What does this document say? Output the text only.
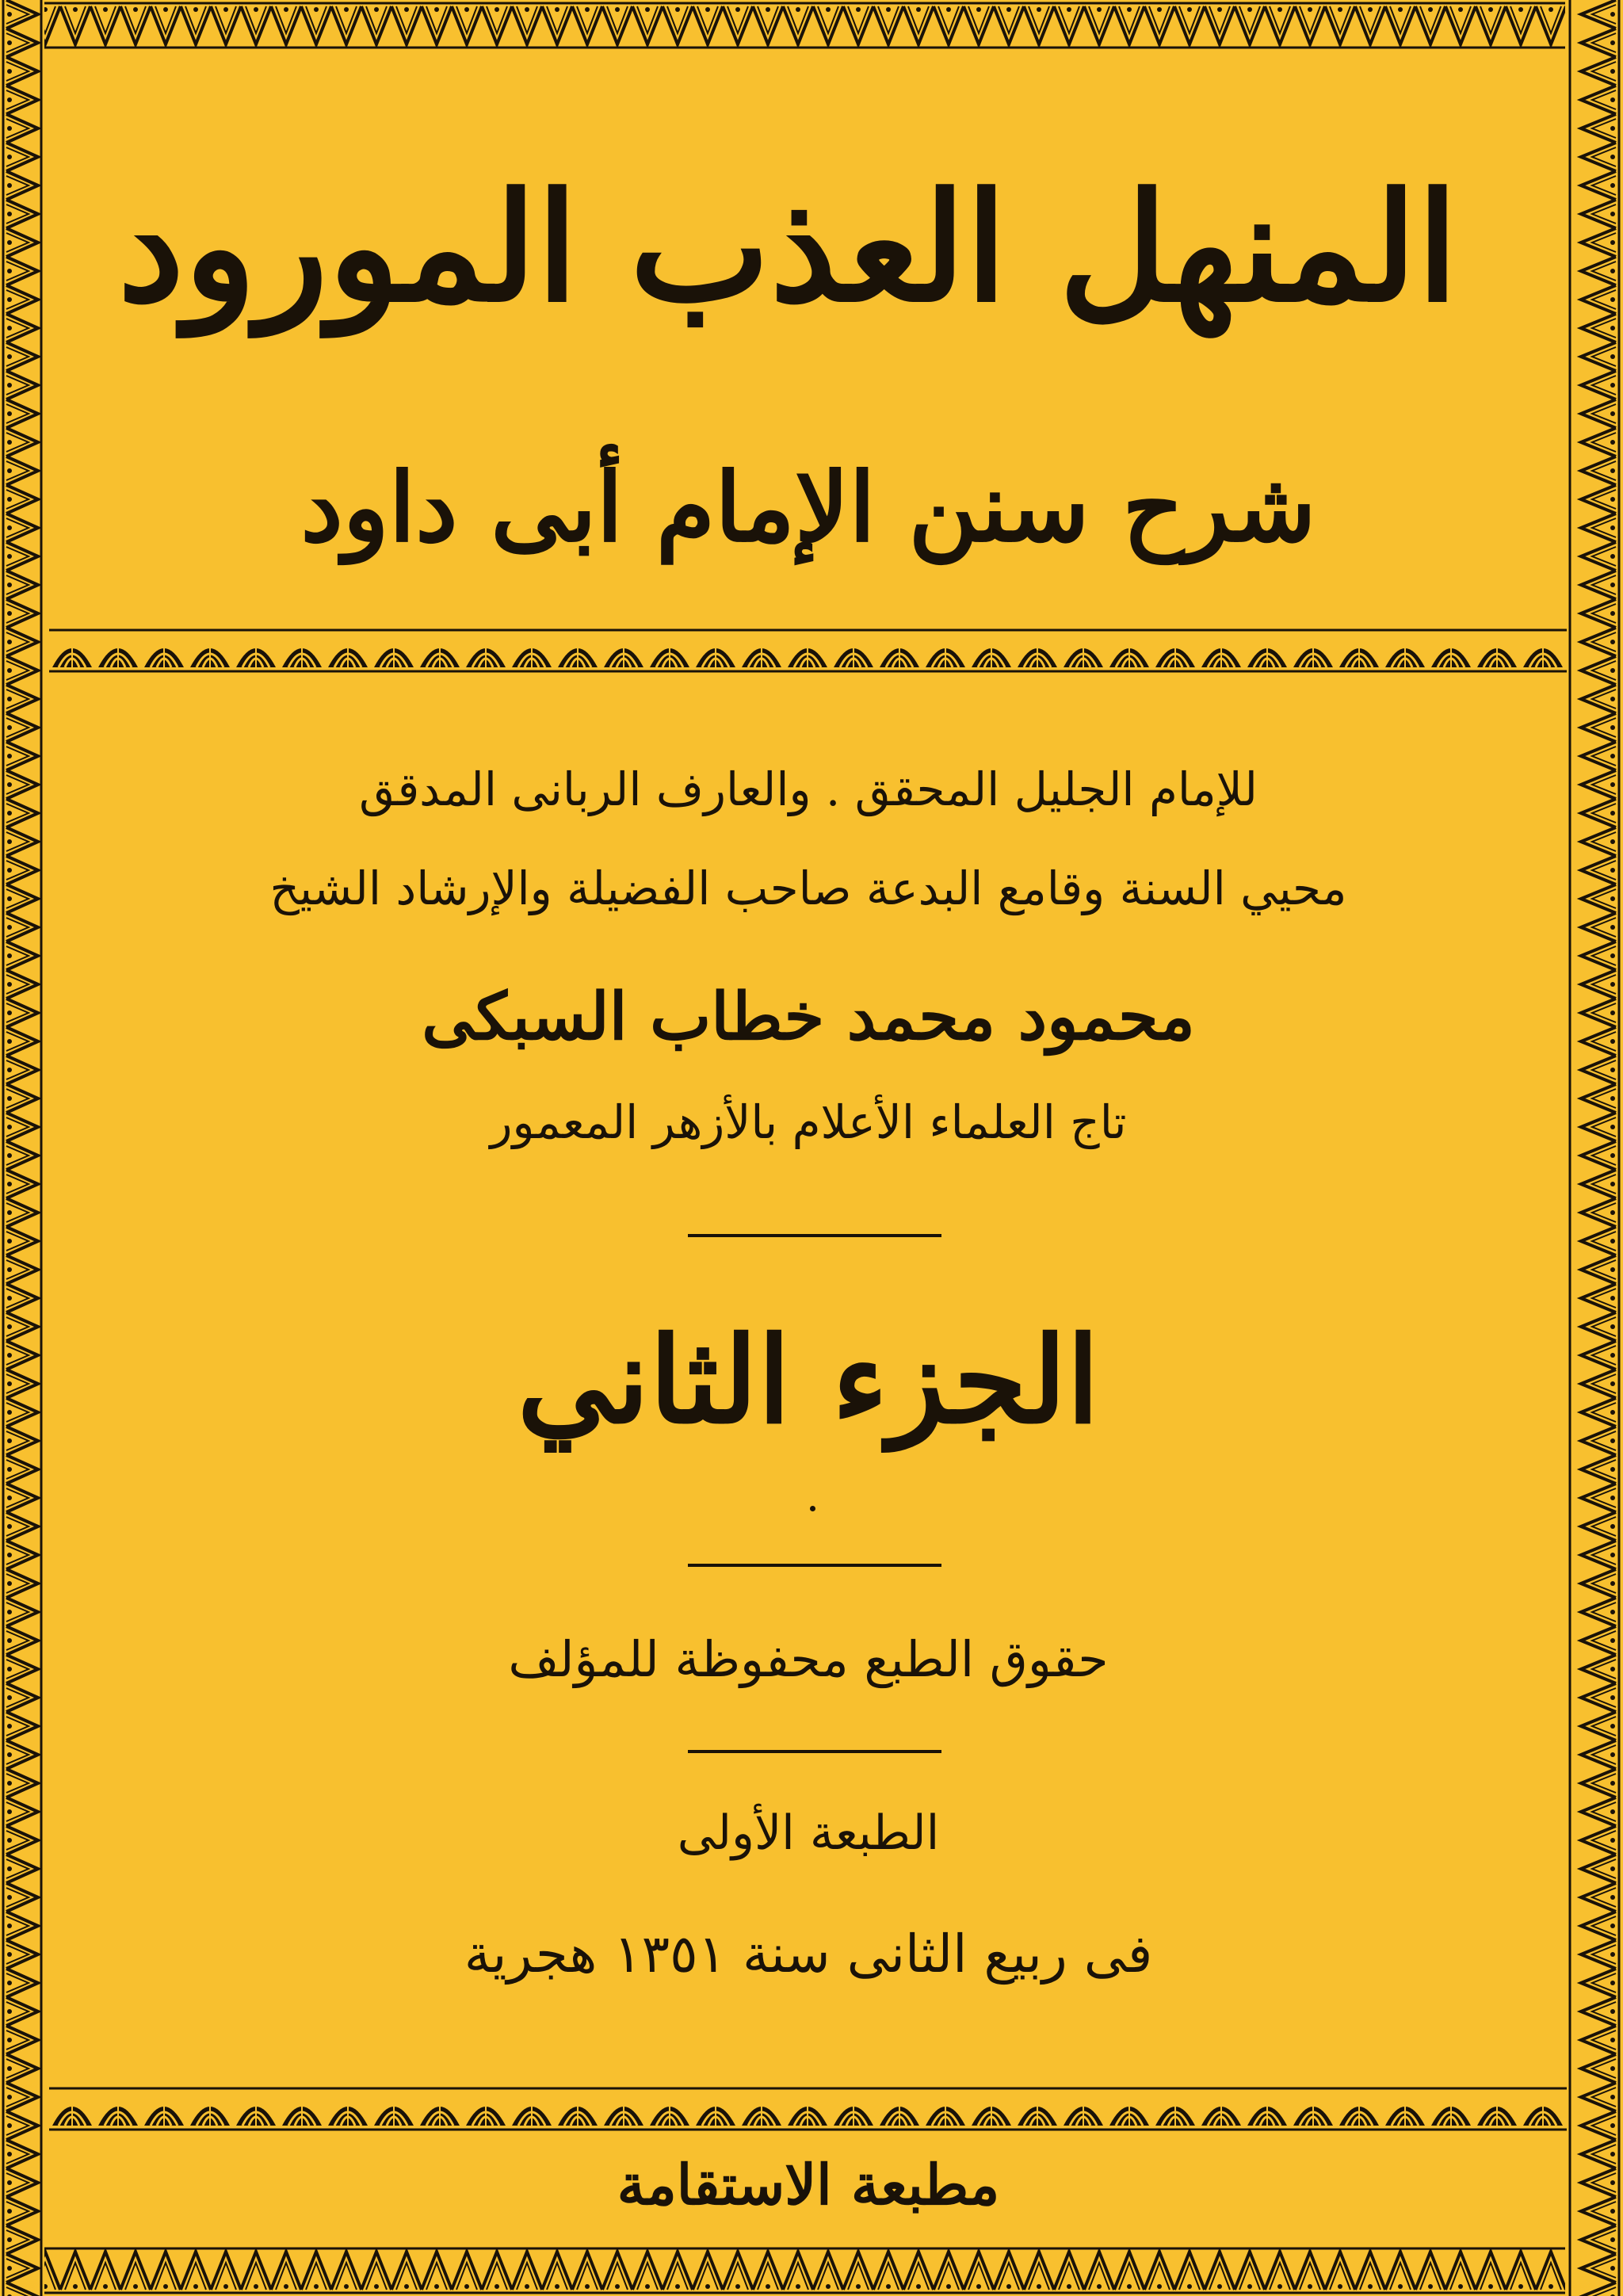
المنهل العذب المورود
شرح سنن الإمام أبى داود
للإمام الجليل المحقق . والعارف الربانى المدقق
محيي السنة وقامع البدعة صاحب الفضيلة والإرشاد الشيخ
محمود محمد خطاب السبكى
تاج العلماء الأعلام بالأزهر المعمور
الجزء الثاني
حقوق الطبع محفوظة للمؤلف
الطبعة الأولى
فى ربيع الثانى سنة ١٣٥١ هجرية
مطبعة الاستقامة
